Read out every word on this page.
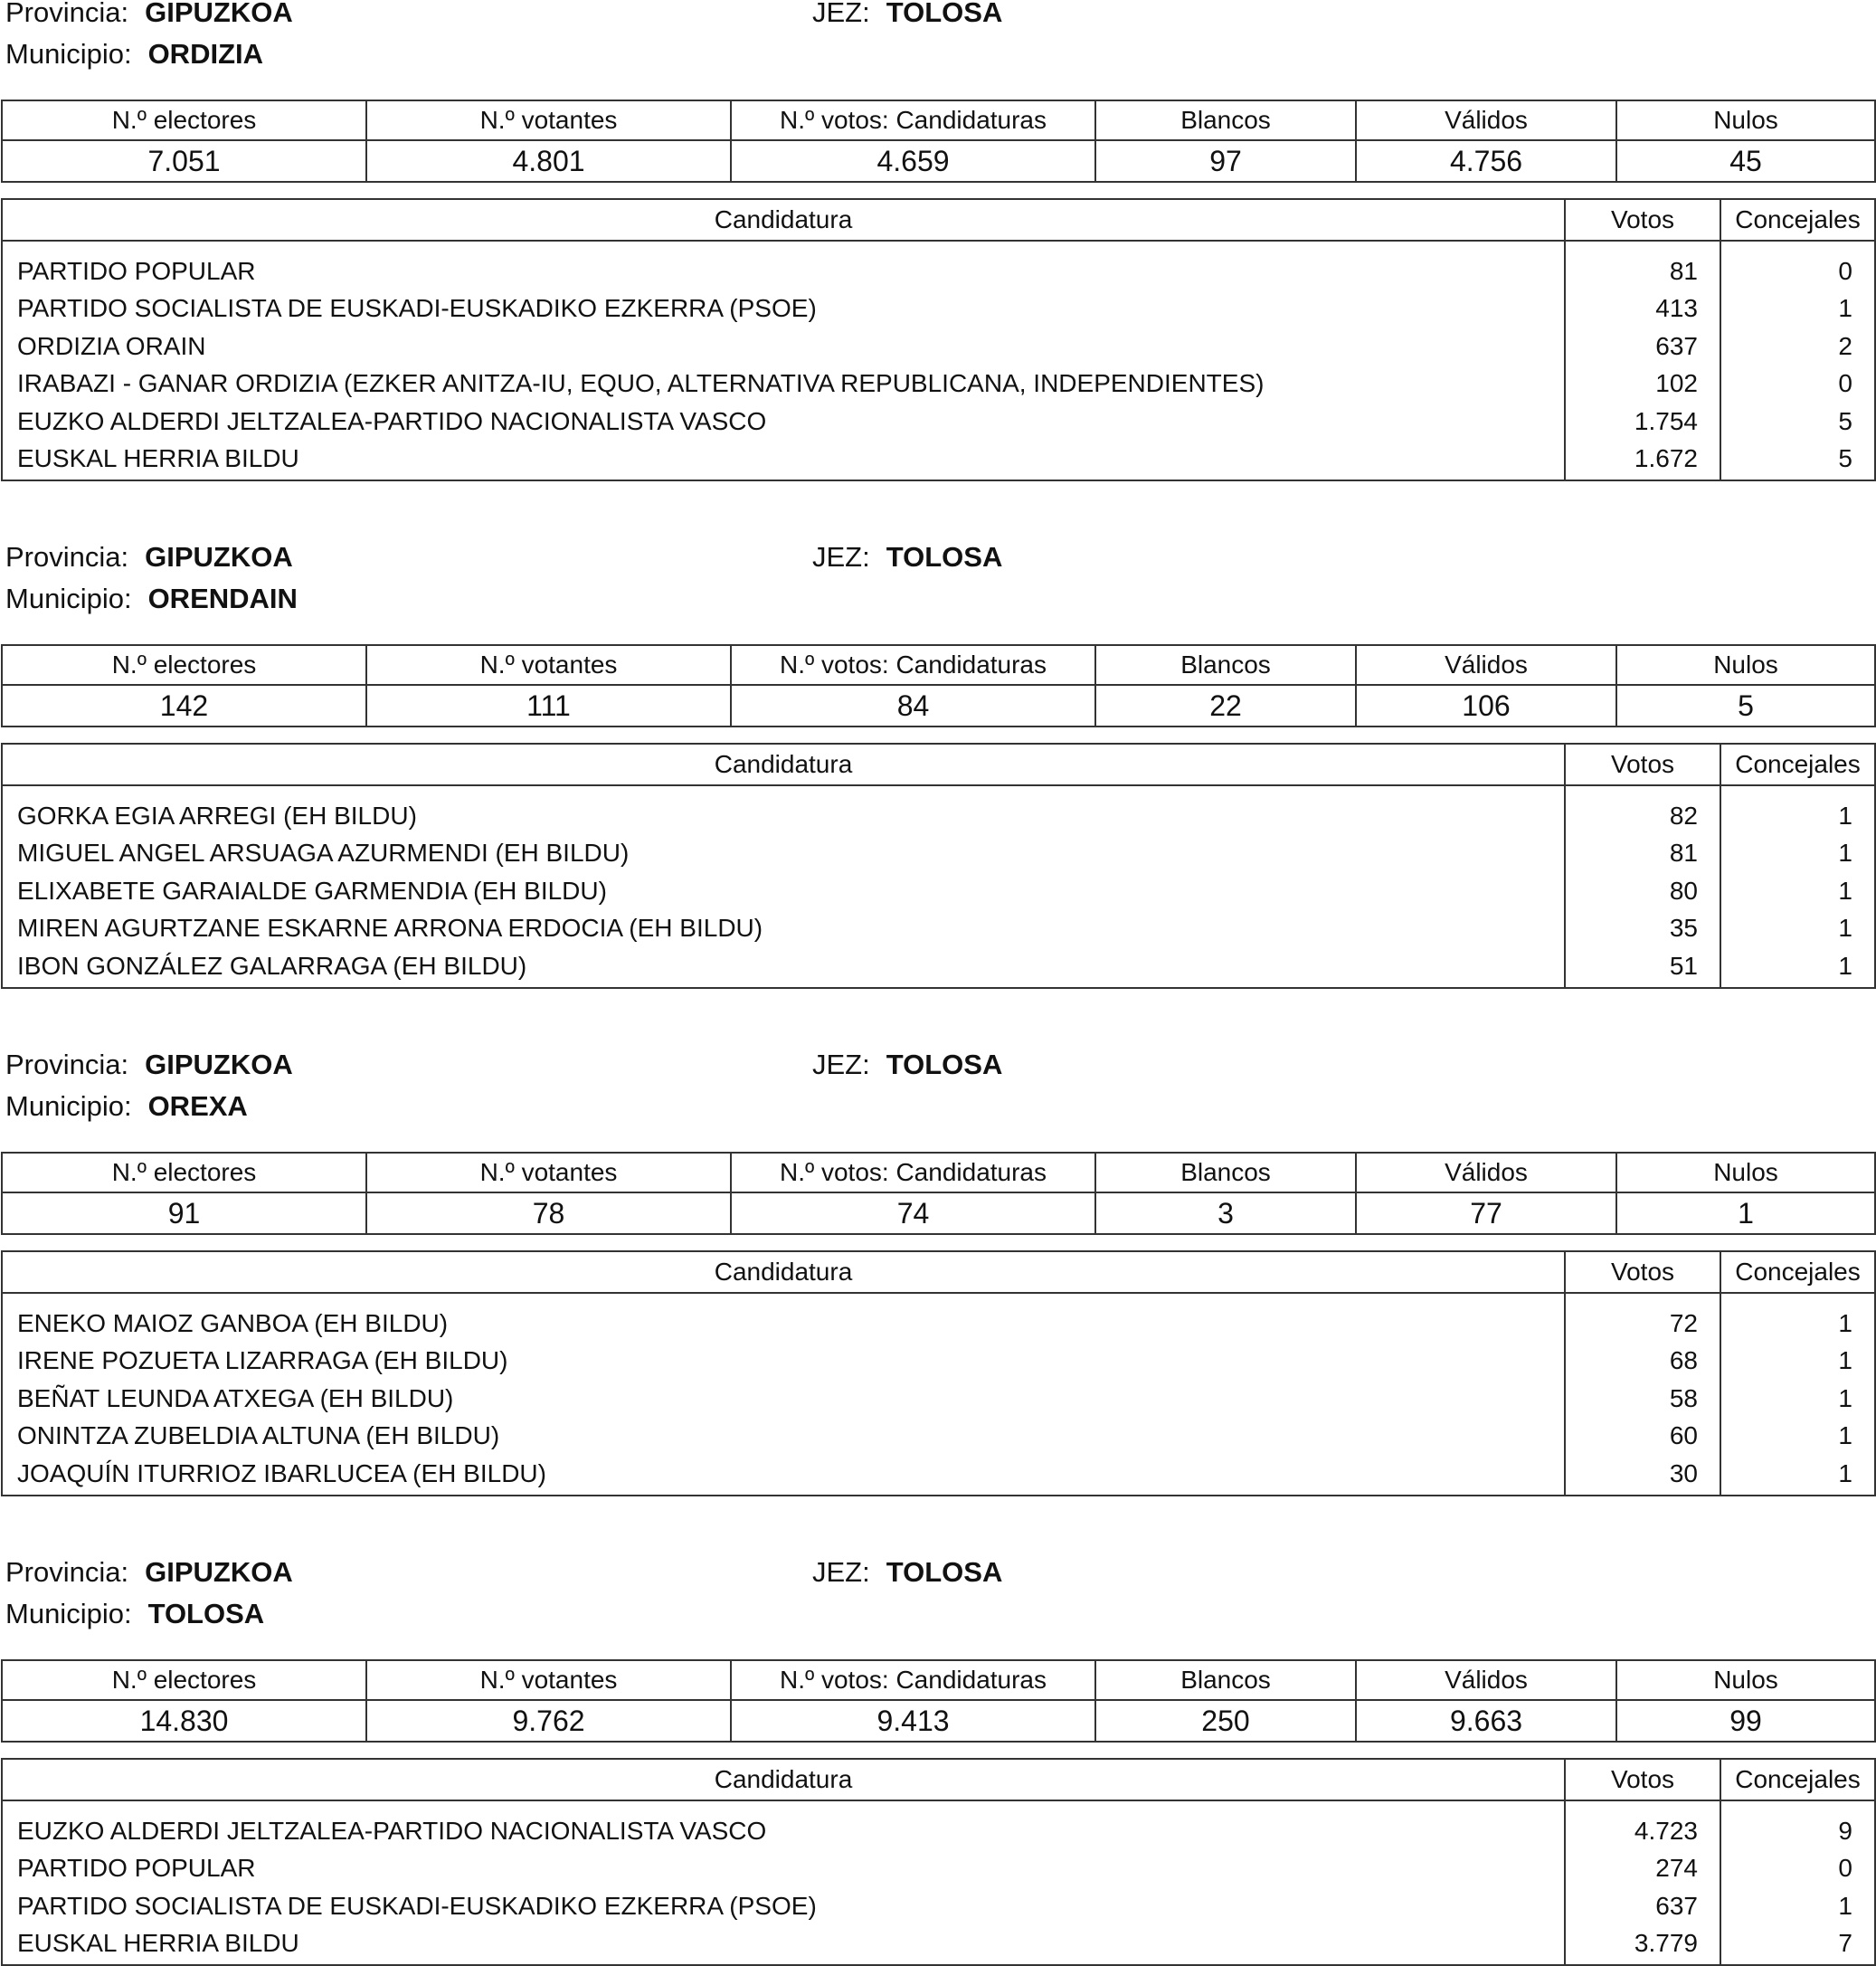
Provincia: GIPUZKOA	JEZ: TOLOSA
Municipio: ORDIZIA
N.º electores	N.º votantes	N.º votos: Candidaturas	Blancos	Válidos	Nulos
7.051	4.801	4.659	97	4.756	45
Candidatura	Votos	Concejales
PARTIDO POPULAR	81	0
PARTIDO SOCIALISTA DE EUSKADI-EUSKADIKO EZKERRA (PSOE)	413	1
ORDIZIA ORAIN	637	2
IRABAZI - GANAR ORDIZIA (EZKER ANITZA-IU, EQUO, ALTERNATIVA REPUBLICANA, INDEPENDIENTES)	102	0
EUZKO ALDERDI JELTZALEA-PARTIDO NACIONALISTA VASCO	1.754	5
EUSKAL HERRIA BILDU	1.672	5
Provincia: GIPUZKOA	JEZ: TOLOSA
Municipio: ORENDAIN
N.º electores	N.º votantes	N.º votos: Candidaturas	Blancos	Válidos	Nulos
142	111	84	22	106	5
Candidatura	Votos	Concejales
GORKA EGIA ARREGI (EH BILDU)	82	1
MIGUEL ANGEL ARSUAGA AZURMENDI (EH BILDU)	81	1
ELIXABETE GARAIALDE GARMENDIA (EH BILDU)	80	1
MIREN AGURTZANE ESKARNE ARRONA ERDOCIA (EH BILDU)	35	1
IBON GONZÁLEZ GALARRAGA (EH BILDU)	51	1
Provincia: GIPUZKOA	JEZ: TOLOSA
Municipio: OREXA
N.º electores	N.º votantes	N.º votos: Candidaturas	Blancos	Válidos	Nulos
91	78	74	3	77	1
Candidatura	Votos	Concejales
ENEKO MAIOZ GANBOA (EH BILDU)	72	1
IRENE POZUETA LIZARRAGA (EH BILDU)	68	1
BEÑAT LEUNDA ATXEGA (EH BILDU)	58	1
ONINTZA ZUBELDIA ALTUNA (EH BILDU)	60	1
JOAQUÍN ITURRIOZ IBARLUCEA (EH BILDU)	30	1
Provincia: GIPUZKOA	JEZ: TOLOSA
Municipio: TOLOSA
N.º electores	N.º votantes	N.º votos: Candidaturas	Blancos	Válidos	Nulos
14.830	9.762	9.413	250	9.663	99
Candidatura	Votos	Concejales
EUZKO ALDERDI JELTZALEA-PARTIDO NACIONALISTA VASCO	4.723	9
PARTIDO POPULAR	274	0
PARTIDO SOCIALISTA DE EUSKADI-EUSKADIKO EZKERRA (PSOE)	637	1
EUSKAL HERRIA BILDU	3.779	7
